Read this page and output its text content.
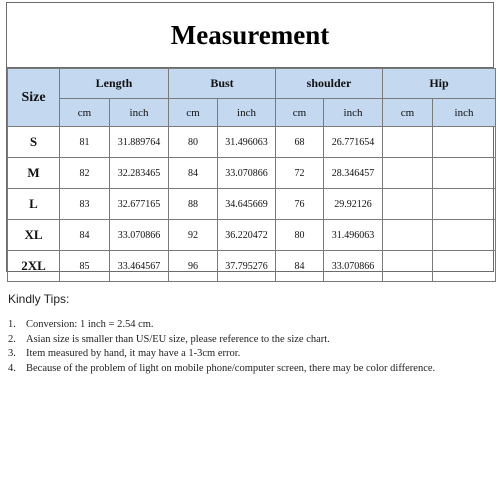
Measurement
Size	Length		Bust		shoulder		Hip	
	cm	inch	cm	inch	cm	inch	cm	inch
S	81	31.889764	80	31.496063	68	26.771654		
M	82	32.283465	84	33.070866	72	28.346457		
L	83	32.677165	88	34.645669	76	29.92126		
XL	84	33.070866	92	36.220472	80	31.496063		
2XL	85	33.464567	96	37.795276	84	33.070866		

Kindly Tips:

1. Conversion: 1 inch = 2.54 cm.
2. Asian size is smaller than US/EU size, please reference to the size chart.
3. Item measured by hand, it may have a 1-3cm error.
4. Because of the problem of light on mobile phone/computer screen, there may be color difference.
